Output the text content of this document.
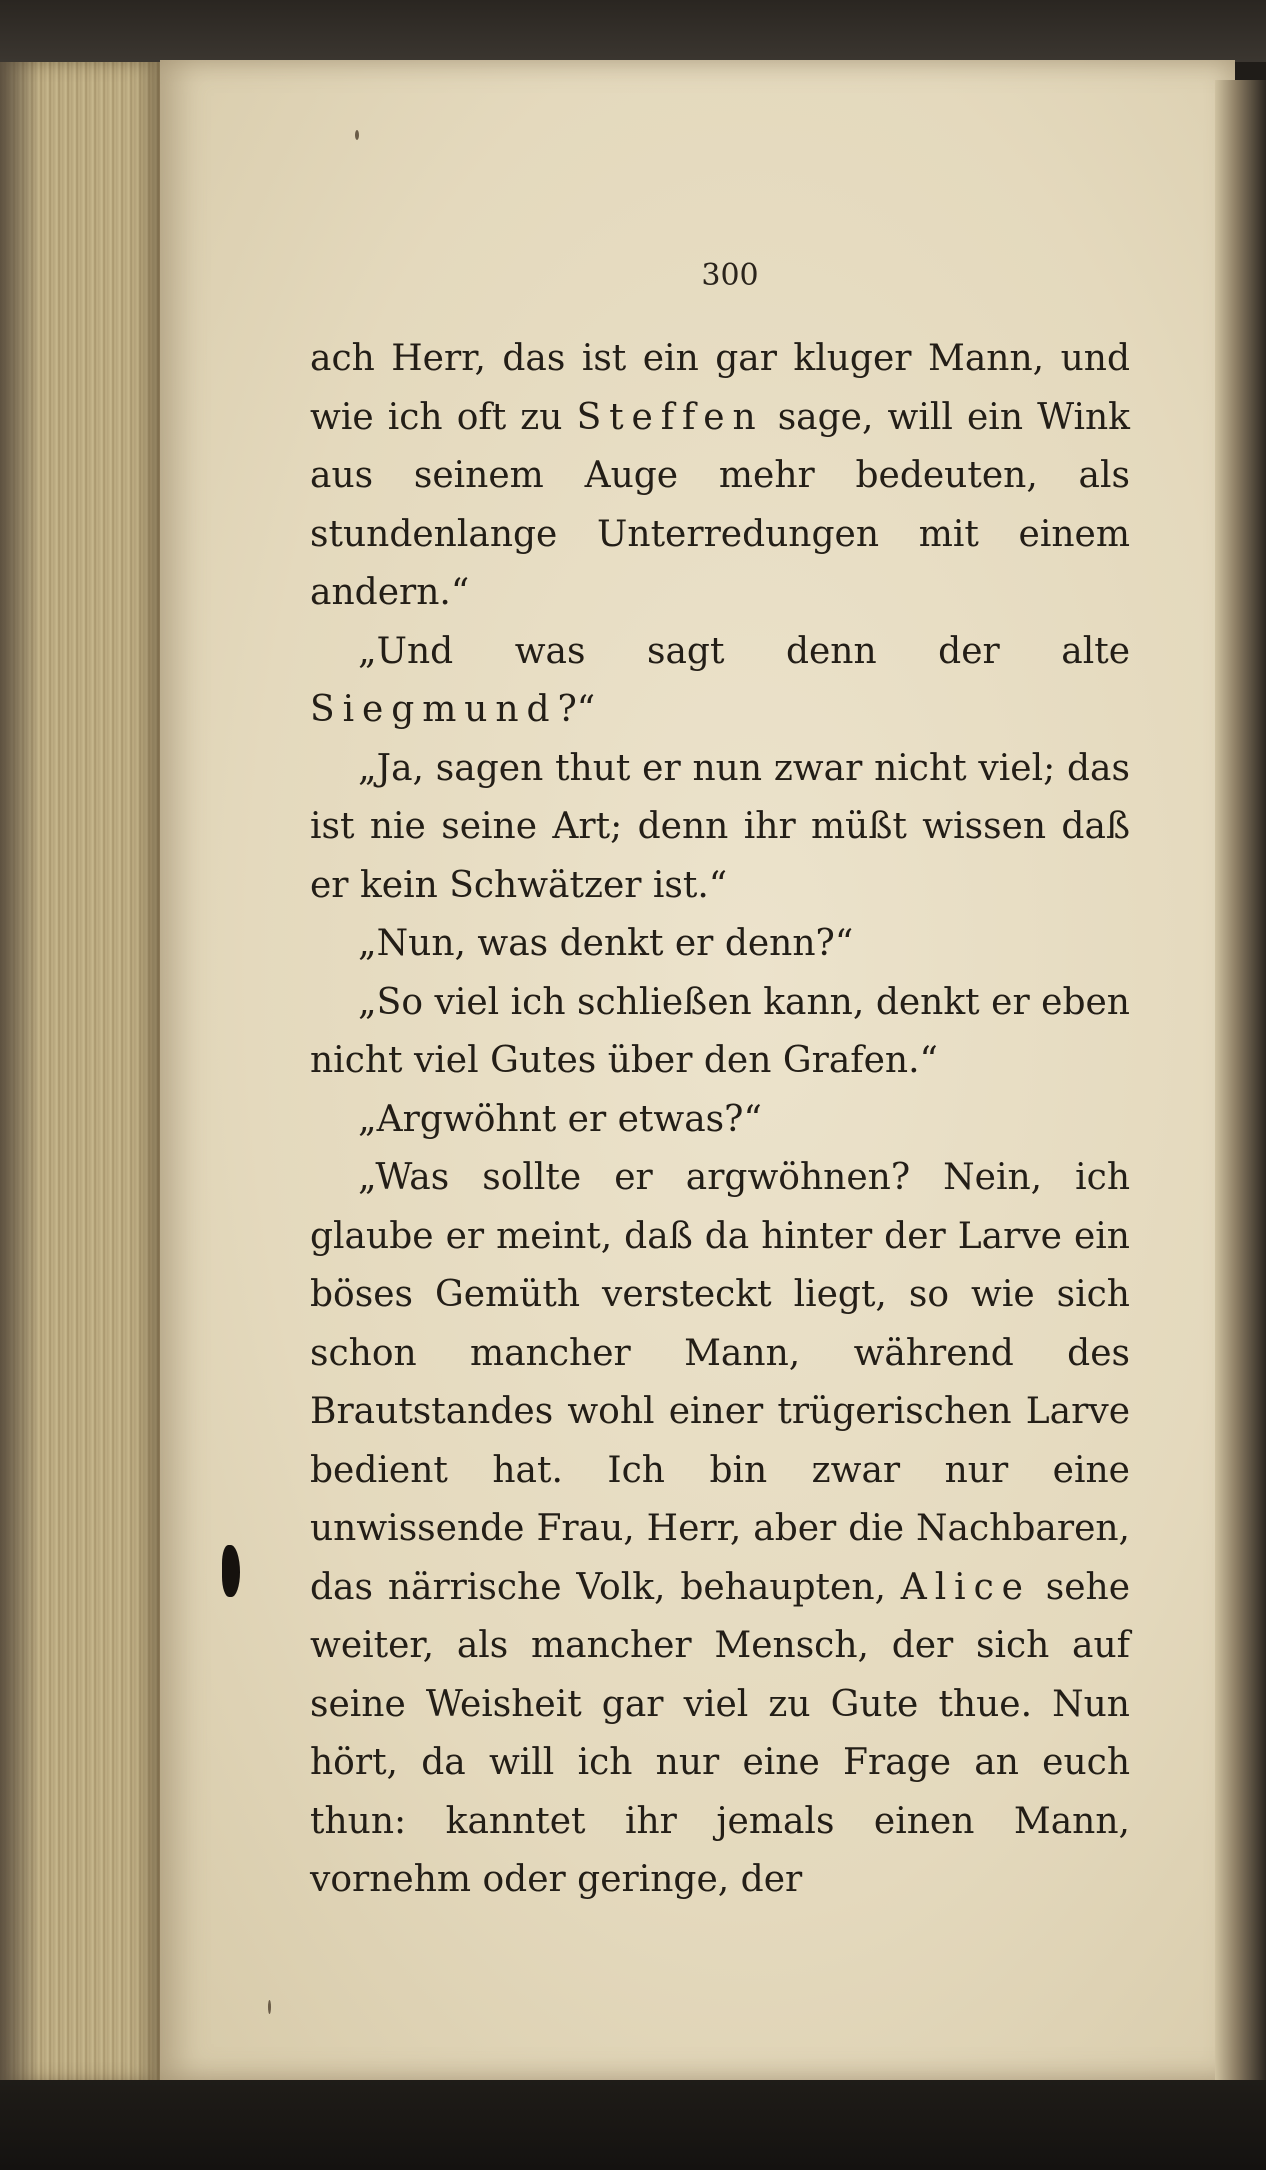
300

ach Herr, das ist ein gar kluger Mann, und wie ich oft zu Steffen sage, will ein Wink aus seinem Auge mehr bedeuten, als stundenlange Unterredungen mit einem andern.“

„Und was sagt denn der alte Siegmund?“

„Ja, sagen thut er nun zwar nicht viel; das ist nie seine Art; denn ihr müßt wissen daß er kein Schwätzer ist.“

„Nun, was denkt er denn?“

„So viel ich schließen kann, denkt er eben nicht viel Gutes über den Grafen.“

„Argwöhnt er etwas?“

„Was sollte er argwöhnen? Nein, ich glaube er meint, daß da hinter der Larve ein böses Gemüth versteckt liegt, so wie sich schon mancher Mann, während des Brautstandes wohl einer trügerischen Larve bedient hat. Ich bin zwar nur eine unwissende Frau, Herr, aber die Nachbaren, das närrische Volk, behaupten, Alice sehe weiter, als mancher Mensch, der sich auf seine Weisheit gar viel zu Gute thue. Nun hört, da will ich nur eine Frage an euch thun: kanntet ihr jemals einen Mann, vornehm oder geringe, der
